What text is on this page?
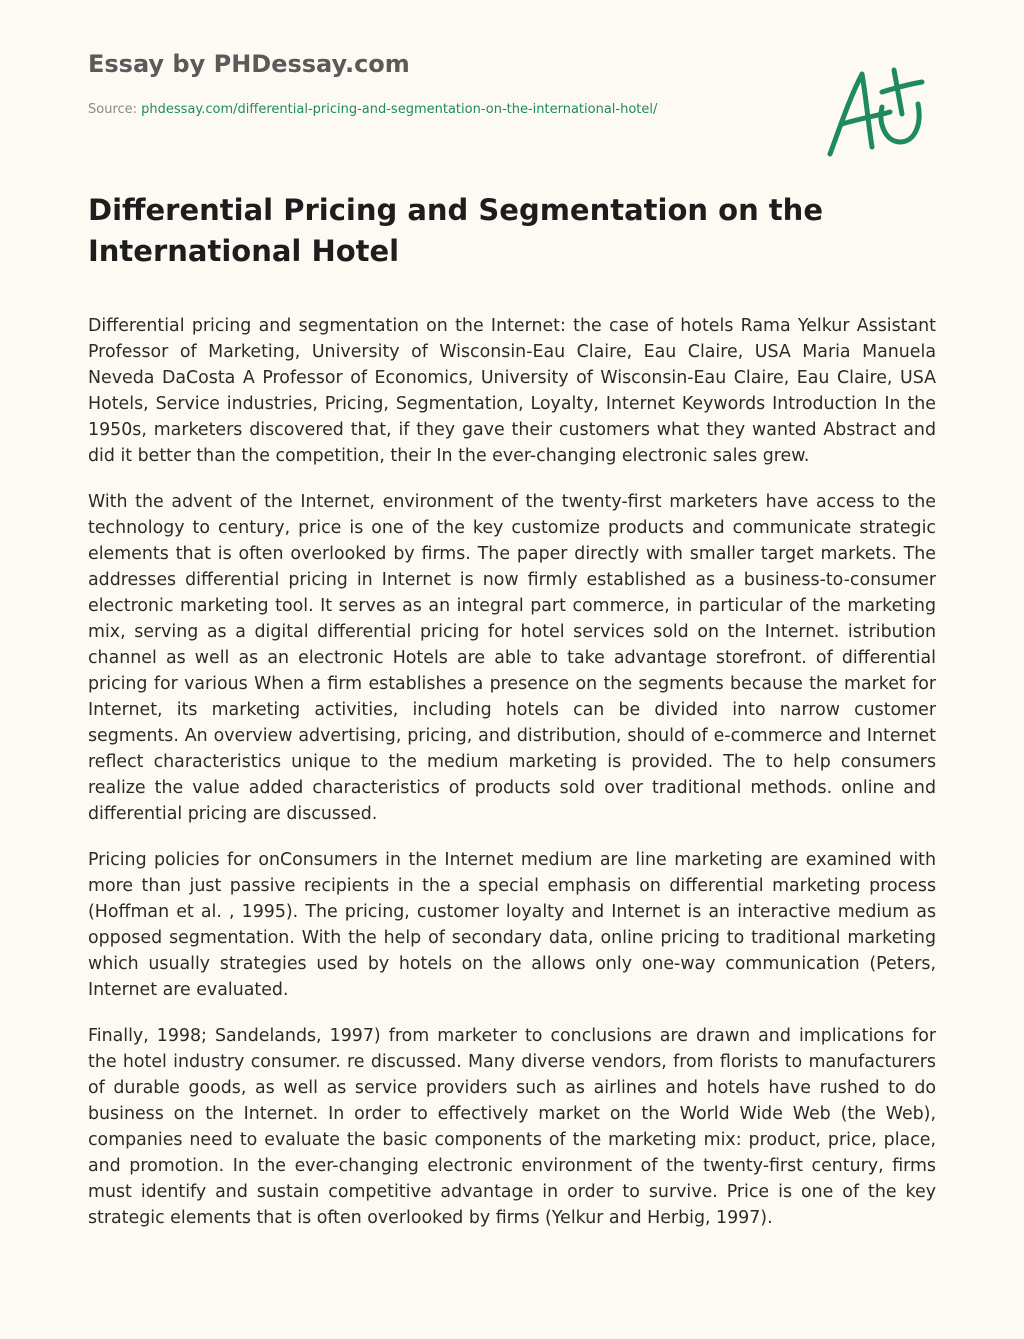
Essay by PHDessay.com
Source: phdessay.com/differential-pricing-and-segmentation-on-the-international-hotel/
Differential Pricing and Segmentation on the International Hotel

Differential pricing and segmentation on the Internet: the case of hotels Rama Yelkur Assistant Professor of Marketing, University of Wisconsin-Eau Claire, Eau Claire, USA Maria Manuela Neveda DaCosta A Professor of Economics, University of Wisconsin-Eau Claire, Eau Claire, USA Hotels, Service industries, Pricing, Segmentation, Loyalty, Internet Keywords Introduction In the 1950s, marketers discovered that, if they gave their customers what they wanted Abstract and did it better than the competition, their In the ever-changing electronic sales grew.

With the advent of the Internet, environment of the twenty-first marketers have access to the technology to century, price is one of the key customize products and communicate strategic elements that is often overlooked by firms. The paper directly with smaller target markets. The addresses differential pricing in Internet is now firmly established as a business-to-consumer electronic marketing tool. It serves as an integral part commerce, in particular of the marketing mix, serving as a digital differential pricing for hotel services sold on the Internet. istribution channel as well as an electronic Hotels are able to take advantage storefront. of differential pricing for various When a firm establishes a presence on the segments because the market for Internet, its marketing activities, including hotels can be divided into narrow customer segments. An overview advertising, pricing, and distribution, should of e-commerce and Internet reflect characteristics unique to the medium marketing is provided. The to help consumers realize the value added characteristics of products sold over traditional methods. online and differential pricing are discussed.

Pricing policies for onConsumers in the Internet medium are line marketing are examined with more than just passive recipients in the a special emphasis on differential marketing process (Hoffman et al. , 1995). The pricing, customer loyalty and Internet is an interactive medium as opposed segmentation. With the help of secondary data, online pricing to traditional marketing which usually strategies used by hotels on the allows only one-way communication (Peters, Internet are evaluated.

Finally, 1998; Sandelands, 1997) from marketer to conclusions are drawn and implications for the hotel industry consumer. re discussed. Many diverse vendors, from florists to manufacturers of durable goods, as well as service providers such as airlines and hotels have rushed to do business on the Internet. In order to effectively market on the World Wide Web (the Web), companies need to evaluate the basic components of the marketing mix: product, price, place, and promotion. In the ever-changing electronic environment of the twenty-first century, firms must identify and sustain competitive advantage in order to survive. Price is one of the key strategic elements that is often overlooked by firms (Yelkur and Herbig, 1997).
